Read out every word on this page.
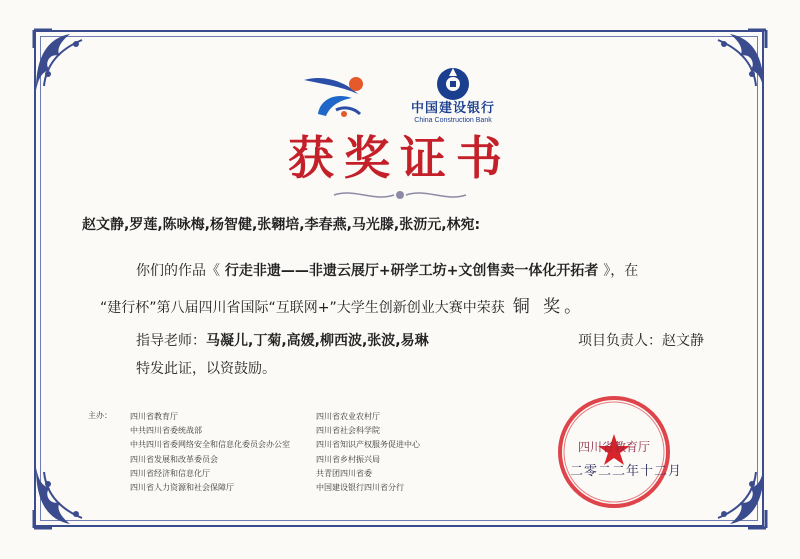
中国建设银行
China Construction Bank
获奖证书
赵文静,罗莲,陈咏梅,杨智健,张翱培,李春燕,马光滕,张沥元,林宛:
你们的作品《 行走非遗——非遗云展厅+研学工坊+文创售卖一体化开拓者 》，在
“建行杯”第八届四川省国际“互联网+”大学生创新创业大赛中荣获 铜 奖。
指导老师：马凝儿,丁菊,高媛,柳西波,张波,易琳	项目负责人：赵文静
特发此证，以资鼓励。
主办： 四川省教育厅
中共四川省委统战部
中共四川省委网络安全和信息化委员会办公室
四川省发展和改革委员会
四川省经济和信息化厅
四川省人力资源和社会保障厅
四川省农业农村厅
四川省社会科学院
四川省知识产权服务促进中心
四川省乡村振兴局
共青团四川省委
中国建设银行四川省分行
四川省教育厅
二零二二年十二月
